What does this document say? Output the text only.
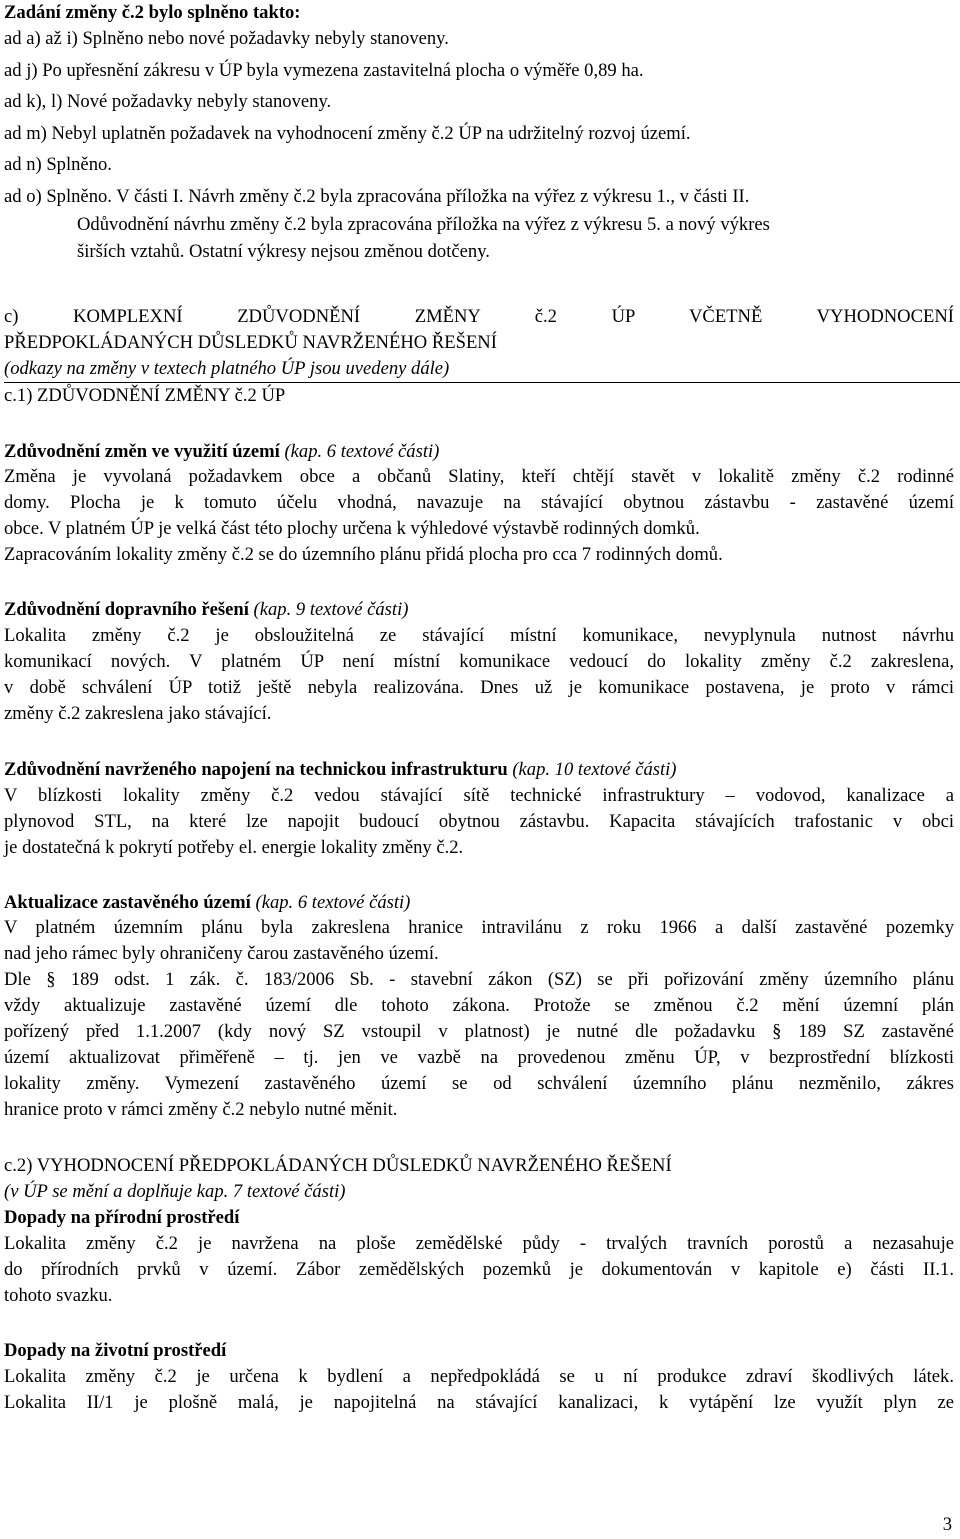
Zadání změny č.2 bylo splněno takto:
ad a) až i) Splněno nebo nové požadavky nebyly stanoveny.
ad j) Po upřesnění zákresu v ÚP byla vymezena zastavitelná plocha o výměře 0,89 ha.
ad k), l) Nové požadavky nebyly stanoveny.
ad m) Nebyl uplatněn požadavek na vyhodnocení změny č.2 ÚP na udržitelný rozvoj území.
ad n) Splněno.
ad o) Splněno. V části I. Návrh změny č.2 byla zpracována příložka na výřez z výkresu 1., v části II.
Odůvodnění návrhu změny č.2 byla zpracována příložka na výřez z výkresu 5. a nový výkres
širších vztahů. Ostatní výkresy nejsou změnou dotčeny.
c) KOMPLEXNÍ ZDŮVODNĚNÍ ZMĚNY č.2 ÚP VČETNĚ VYHODNOCENÍ
PŘEDPOKLÁDANÝCH DŮSLEDKŮ NAVRŽENÉHO ŘEŠENÍ
(odkazy na změny v textech platného ÚP jsou uvedeny dále)
c.1) ZDŮVODNĚNÍ ZMĚNY č.2 ÚP
Zdůvodnění změn ve využití území (kap. 6 textové části)
Změna je vyvolaná požadavkem obce a občanů Slatiny, kteří chtějí stavět v lokalitě změny č.2 rodinné
domy. Plocha je k tomuto účelu vhodná, navazuje na stávající obytnou zástavbu - zastavěné území
obce. V platném ÚP je velká část této plochy určena k výhledové výstavbě rodinných domků.
Zapracováním lokality změny č.2 se do územního plánu přidá plocha pro cca 7 rodinných domů.
Zdůvodnění dopravního řešení (kap. 9 textové části)
Lokalita změny č.2 je obsloužitelná ze stávající místní komunikace, nevyplynula nutnost návrhu
komunikací nových. V platném ÚP není místní komunikace vedoucí do lokality změny č.2 zakreslena,
v době schválení ÚP totiž ještě nebyla realizována. Dnes už je komunikace postavena, je proto v rámci
změny č.2 zakreslena jako stávající.
Zdůvodnění navrženého napojení na technickou infrastrukturu (kap. 10 textové části)
V blízkosti lokality změny č.2 vedou stávající sítě technické infrastruktury – vodovod, kanalizace a
plynovod STL, na které lze napojit budoucí obytnou zástavbu. Kapacita stávajících trafostanic v obci
je dostatečná k pokrytí potřeby el. energie lokality změny č.2.
Aktualizace zastavěného území (kap. 6 textové části)
V platném územním plánu byla zakreslena hranice intravilánu z roku 1966 a další zastavěné pozemky
nad jeho rámec byly ohraničeny čarou zastavěného území.
Dle § 189 odst. 1 zák. č. 183/2006 Sb. - stavební zákon (SZ) se při pořizování změny územního plánu
vždy aktualizuje zastavěné území dle tohoto zákona. Protože se změnou č.2 mění územní plán
pořízený před 1.1.2007 (kdy nový SZ vstoupil v platnost) je nutné dle požadavku § 189 SZ zastavěné
území aktualizovat přiměřeně – tj. jen ve vazbě na provedenou změnu ÚP, v bezprostřední blízkosti
lokality změny. Vymezení zastavěného území se od schválení územního plánu nezměnilo, zákres
hranice proto v rámci změny č.2 nebylo nutné měnit.
c.2) VYHODNOCENÍ PŘEDPOKLÁDANÝCH DŮSLEDKŮ NAVRŽENÉHO ŘEŠENÍ
(v ÚP se mění a doplňuje kap. 7 textové části)
Dopady na přírodní prostředí
Lokalita změny č.2 je navržena na ploše zemědělské půdy - trvalých travních porostů a nezasahuje
do přírodních prvků v území. Zábor zemědělských pozemků je dokumentován v kapitole e) části II.1.
tohoto svazku.
Dopady na životní prostředí
Lokalita změny č.2 je určena k bydlení a nepředpokládá se u ní produkce zdraví škodlivých látek.
Lokalita II/1 je plošně malá, je napojitelná na stávající kanalizaci, k vytápění lze využít plyn ze
3
